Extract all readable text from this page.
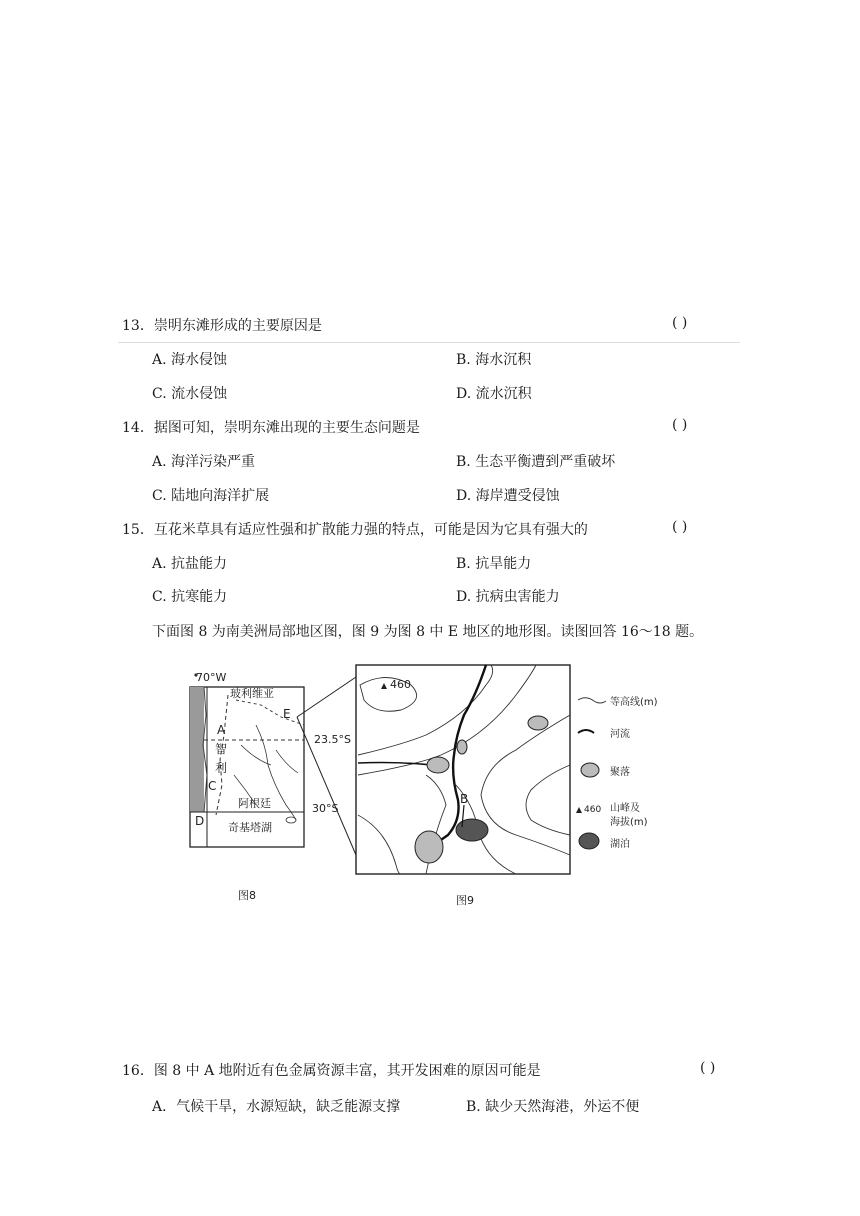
13．崇明东滩形成的主要原因是	( )
A. 海水侵蚀	B. 海水沉积
C. 流水侵蚀	D. 流水沉积
14．据图可知，崇明东滩出现的主要生态问题是	( )
A. 海洋污染严重	B. 生态平衡遭到严重破坏
C. 陆地向海洋扩展	D. 海岸遭受侵蚀
15．互花米草具有适应性强和扩散能力强的特点，可能是因为它具有强大的	( )
A. 抗盐能力	B. 抗旱能力
C. 抗寒能力	D. 抗病虫害能力
下面图 8 为南美洲局部地区图，图 9 为图 8 中 E 地区的地形图。读图回答 16～18 题。
70°W
玻利维亚
E
A
23.5°S
智
利
C
阿根廷	30°S
D 奇基塔湖
图8
460
B
图9
等高线(m)
河流
聚落
460 山峰及
海拔(m)
湖泊
16．图 8 中 A 地附近有色金属资源丰富，其开发困难的原因可能是	( )
A．气候干旱，水源短缺，缺乏能源支撑	B. 缺少天然海港，外运不便
